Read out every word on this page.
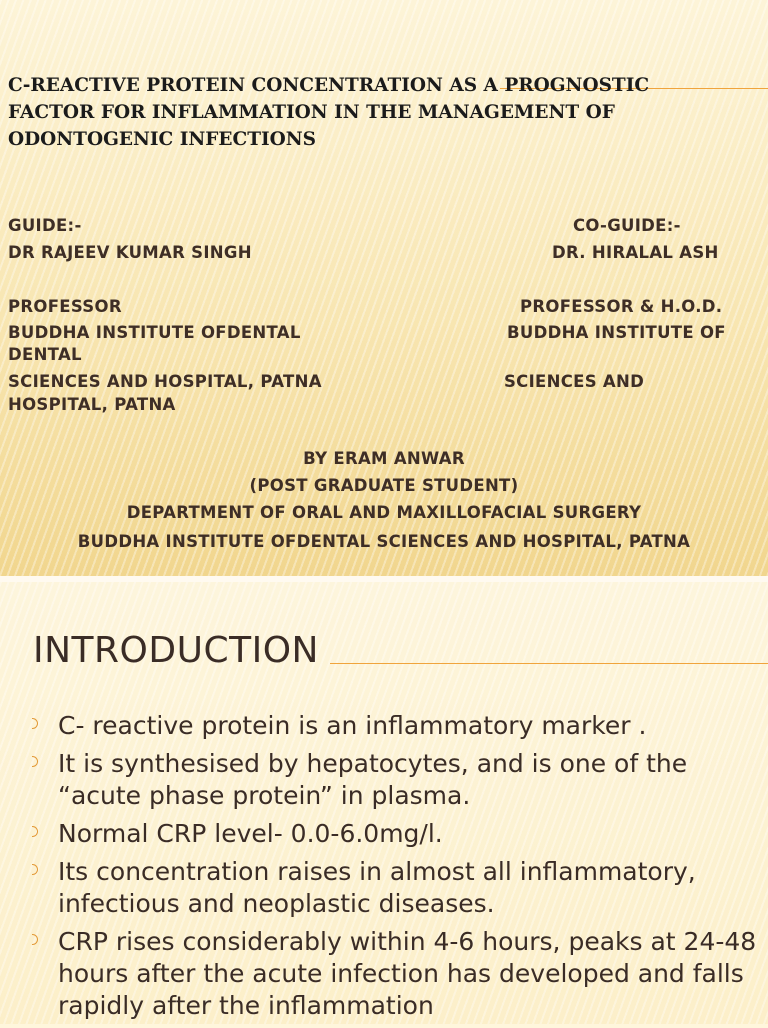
C-REACTIVE PROTEIN CONCENTRATION AS A PROGNOSTIC
FACTOR FOR INFLAMMATION IN THE MANAGEMENT OF
ODONTOGENIC INFECTIONS
GUIDE:-
DR RAJEEV KUMAR SINGH
PROFESSOR
BUDDHA INSTITUTE OFDENTAL
SCIENCES AND HOSPITAL, PATNA
CO-GUIDE:-
DR. HIRALAL ASH
PROFESSOR & H.O.D.
BUDDHA INSTITUTE OF
DENTAL
SCIENCES AND
HOSPITAL, PATNA
BY ERAM ANWAR
(POST GRADUATE STUDENT)
DEPARTMENT OF ORAL AND MAXILLOFACIAL SURGERY
BUDDHA INSTITUTE OFDENTAL SCIENCES AND HOSPITAL, PATNA
INTRODUCTION
C- reactive protein is an inflammatory marker .
It is synthesised by hepatocytes, and is one of the “acute phase protein” in plasma.
Normal CRP level- 0.0-6.0mg/l.
Its concentration raises in almost all inflammatory, infectious and neoplastic diseases.
CRP rises considerably within 4-6 hours, peaks at 24-48 hours after the acute infection has developed and falls rapidly after the inflammation
